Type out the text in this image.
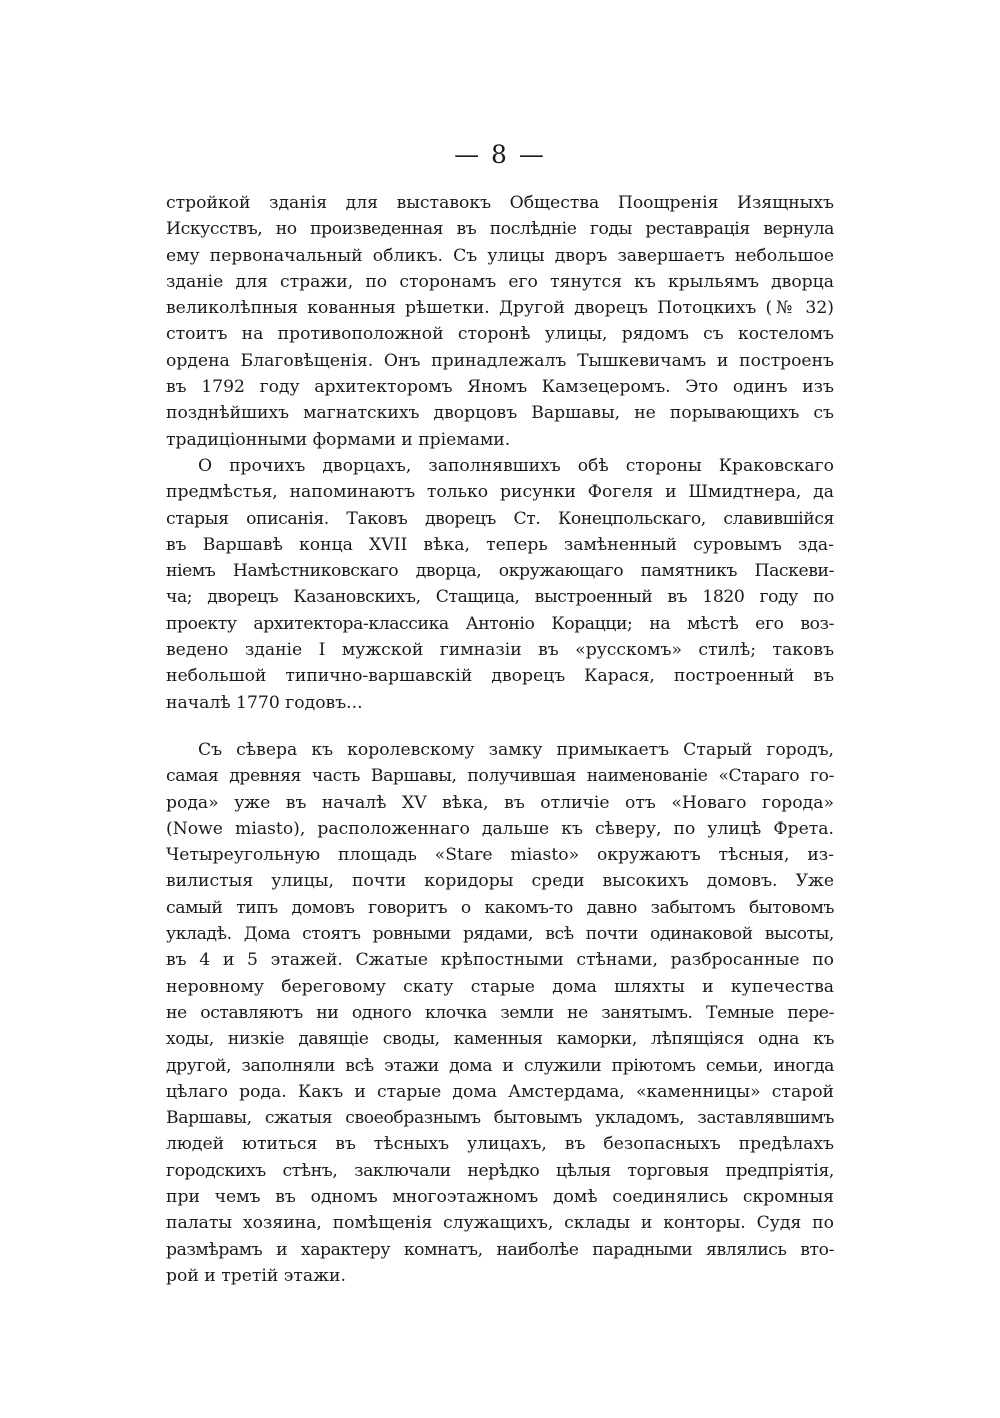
— 8 —
стройкой зданія для выставокъ Общества Поощренія Изящныхъ
Искусствъ, но произведенная въ послѣдніе годы реставрація вернула
ему первоначальный обликъ. Съ улицы дворъ завершаетъ небольшое
зданіе для стражи, по сторонамъ его тянутся къ крыльямъ дворца
великолѣпныя кованныя рѣшетки. Другой дворецъ Потоцкихъ (№ 32)
стоитъ на противоположной сторонѣ улицы, рядомъ съ костеломъ
ордена Благовѣщенія. Онъ принадлежалъ Тышкевичамъ и построенъ
въ 1792 году архитекторомъ Яномъ Камзецеромъ. Это одинъ изъ
позднѣйшихъ магнатскихъ дворцовъ Варшавы, не порывающихъ съ
традиціонными формами и пріемами.
О прочихъ дворцахъ, заполнявшихъ обѣ стороны Краковскаго
предмѣстья, напоминаютъ только рисунки Фогеля и Шмидтнера, да
старыя описанія. Таковъ дворецъ Ст. Конецпольскаго, славившійся
въ Варшавѣ конца XVII вѣка, теперь замѣненный суровымъ зда-
ніемъ Намѣстниковскаго дворца, окружающаго памятникъ Паскеви-
ча; дворецъ Казановскихъ, Стащица, выстроенный въ 1820 году по
проекту архитектора-классика Антоніо Корацци; на мѣстѣ его воз-
ведено зданіе I мужской гимназіи въ «русскомъ» стилѣ; таковъ
небольшой типично-варшавскій дворецъ Карася, построенный въ
началѣ 1770 годовъ...
Съ сѣвера къ королевскому замку примыкаетъ Старый городъ,
самая древняя часть Варшавы, получившая наименованіе «Стараго го-
рода» уже въ началѣ XV вѣка, въ отличіе отъ «Новаго города»
(Nowe miasto), расположеннаго дальше къ сѣверу, по улицѣ Фрета.
Четыреугольную площадь «Stare miasto» окружаютъ тѣсныя, из-
вилистыя улицы, почти коридоры среди высокихъ домовъ. Уже
самый типъ домовъ говоритъ о какомъ-то давно забытомъ бытовомъ
укладѣ. Дома стоятъ ровными рядами, всѣ почти одинаковой высоты,
въ 4 и 5 этажей. Сжатые крѣпостными стѣнами, разбросанные по
неровному береговому скату старые дома шляхты и купечества
не оставляютъ ни одного клочка земли не занятымъ. Темные пере-
ходы, низкіе давящіе своды, каменныя каморки, лѣпящіяся одна къ
другой, заполняли всѣ этажи дома и служили пріютомъ семьи, иногда
цѣлаго рода. Какъ и старые дома Амстердама, «каменницы» старой
Варшавы, сжатыя своеобразнымъ бытовымъ укладомъ, заставлявшимъ
людей ютиться въ тѣсныхъ улицахъ, въ безопасныхъ предѣлахъ
городскихъ стѣнъ, заключали нерѣдко цѣлыя торговыя предпріятія,
при чемъ въ одномъ многоэтажномъ домѣ соединялись скромныя
палаты хозяина, помѣщенія служащихъ, склады и конторы. Судя по
размѣрамъ и характеру комнатъ, наиболѣе парадными являлись вто-
рой и третій этажи.
